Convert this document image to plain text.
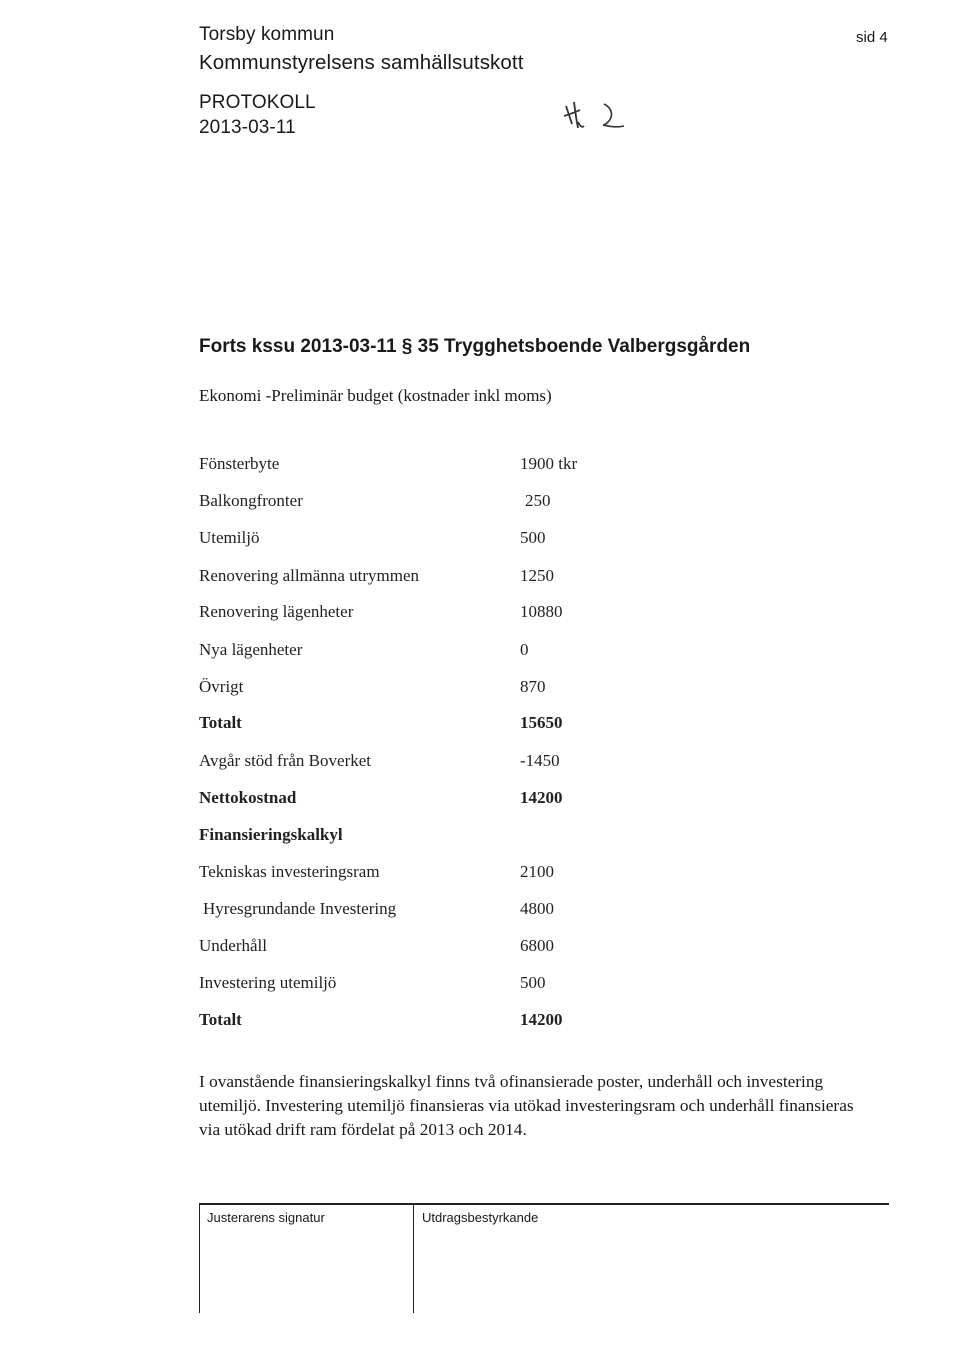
Torsby kommun
Kommunstyrelsens samhällsutskott
PROTOKOLL
2013-03-11
sid 4
Forts kssu 2013-03-11 § 35 Trygghetsboende Valbergsgården
Ekonomi -Preliminär budget (kostnader inkl moms)
Fönsterbyte	1900 tkr
Balkongfronter	250
Utemiljö	500
Renovering allmänna utrymmen	1250
Renovering lägenheter	10880
Nya lägenheter	0
Övrigt	870
Totalt	15650
Avgår stöd från Boverket	-1450
Nettokostnad	14200
Finansieringskalkyl
Tekniskas investeringsram	2100
Hyresgrundande Investering	4800
Underhåll	6800
Investering utemiljö	500
Totalt	14200
I ovanstående finansieringskalkyl finns två ofinansierade poster, underhåll och investering utemiljö. Investering utemiljö finansieras via utökad investeringsram och underhåll finansieras via utökad drift ram fördelat på 2013 och 2014.
Justerarens signatur	Utdragsbestyrkande
